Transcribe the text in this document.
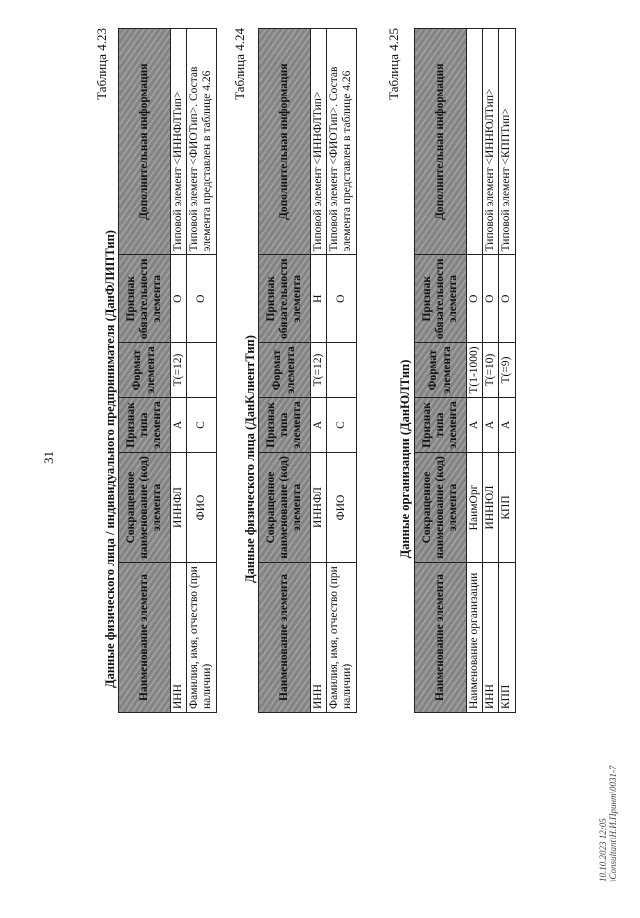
31
Таблица 4.23
Данные физического лица / индивидуального предпринимателя (ДанФЛИПТип) Наименование элемента	Сокращенное наименование (код) элемента	Признак типа элемента	Формат элемента	Признак обязательности элемента	Дополнительная информация
ИНН	ИННФЛ	А	T(=12)	О	Типовой элемент <ИННФЛТип>
Фамилия, имя, отчество (при наличии)	ФИО	С		О	Типовой элемент <ФИОТип>. Состав элемента представлен в таблице 4.26
Таблица 4.24
Данные физического лица (ДанКлиентТип)
Наименование элемента	Сокращенное наименование (код) элемента	Признак типа элемента	Формат элемента	Признак обязательности элемента	Дополнительная информация
ИНН	ИННФЛ	А	T(=12)	Н	Типовой элемент <ИННФЛТип>
Фамилия, имя, отчество (при наличии)	ФИО	С		О	Типовой элемент <ФИОТип>. Состав элемента представлен в таблице 4.26
Таблица 4.25
Данные организации (ДанЮЛТип)
Наименование элемента	Сокращенное наименование (код) элемента	Признак типа элемента	Формат элемента	Признак обязательности элемента	Дополнительная информация
Наименование организации	НаимОрг	А	T(1-1000)	О	
ИНН	ИННЮЛ	А	T(=10)	О	Типовой элемент <ИННЮЛТип>
КПП	КПП	А	T(=9)	О	Типовой элемент <КППТип>
10.10.2023 12:05 \Consultant\Н.И.Принт\0031-7
